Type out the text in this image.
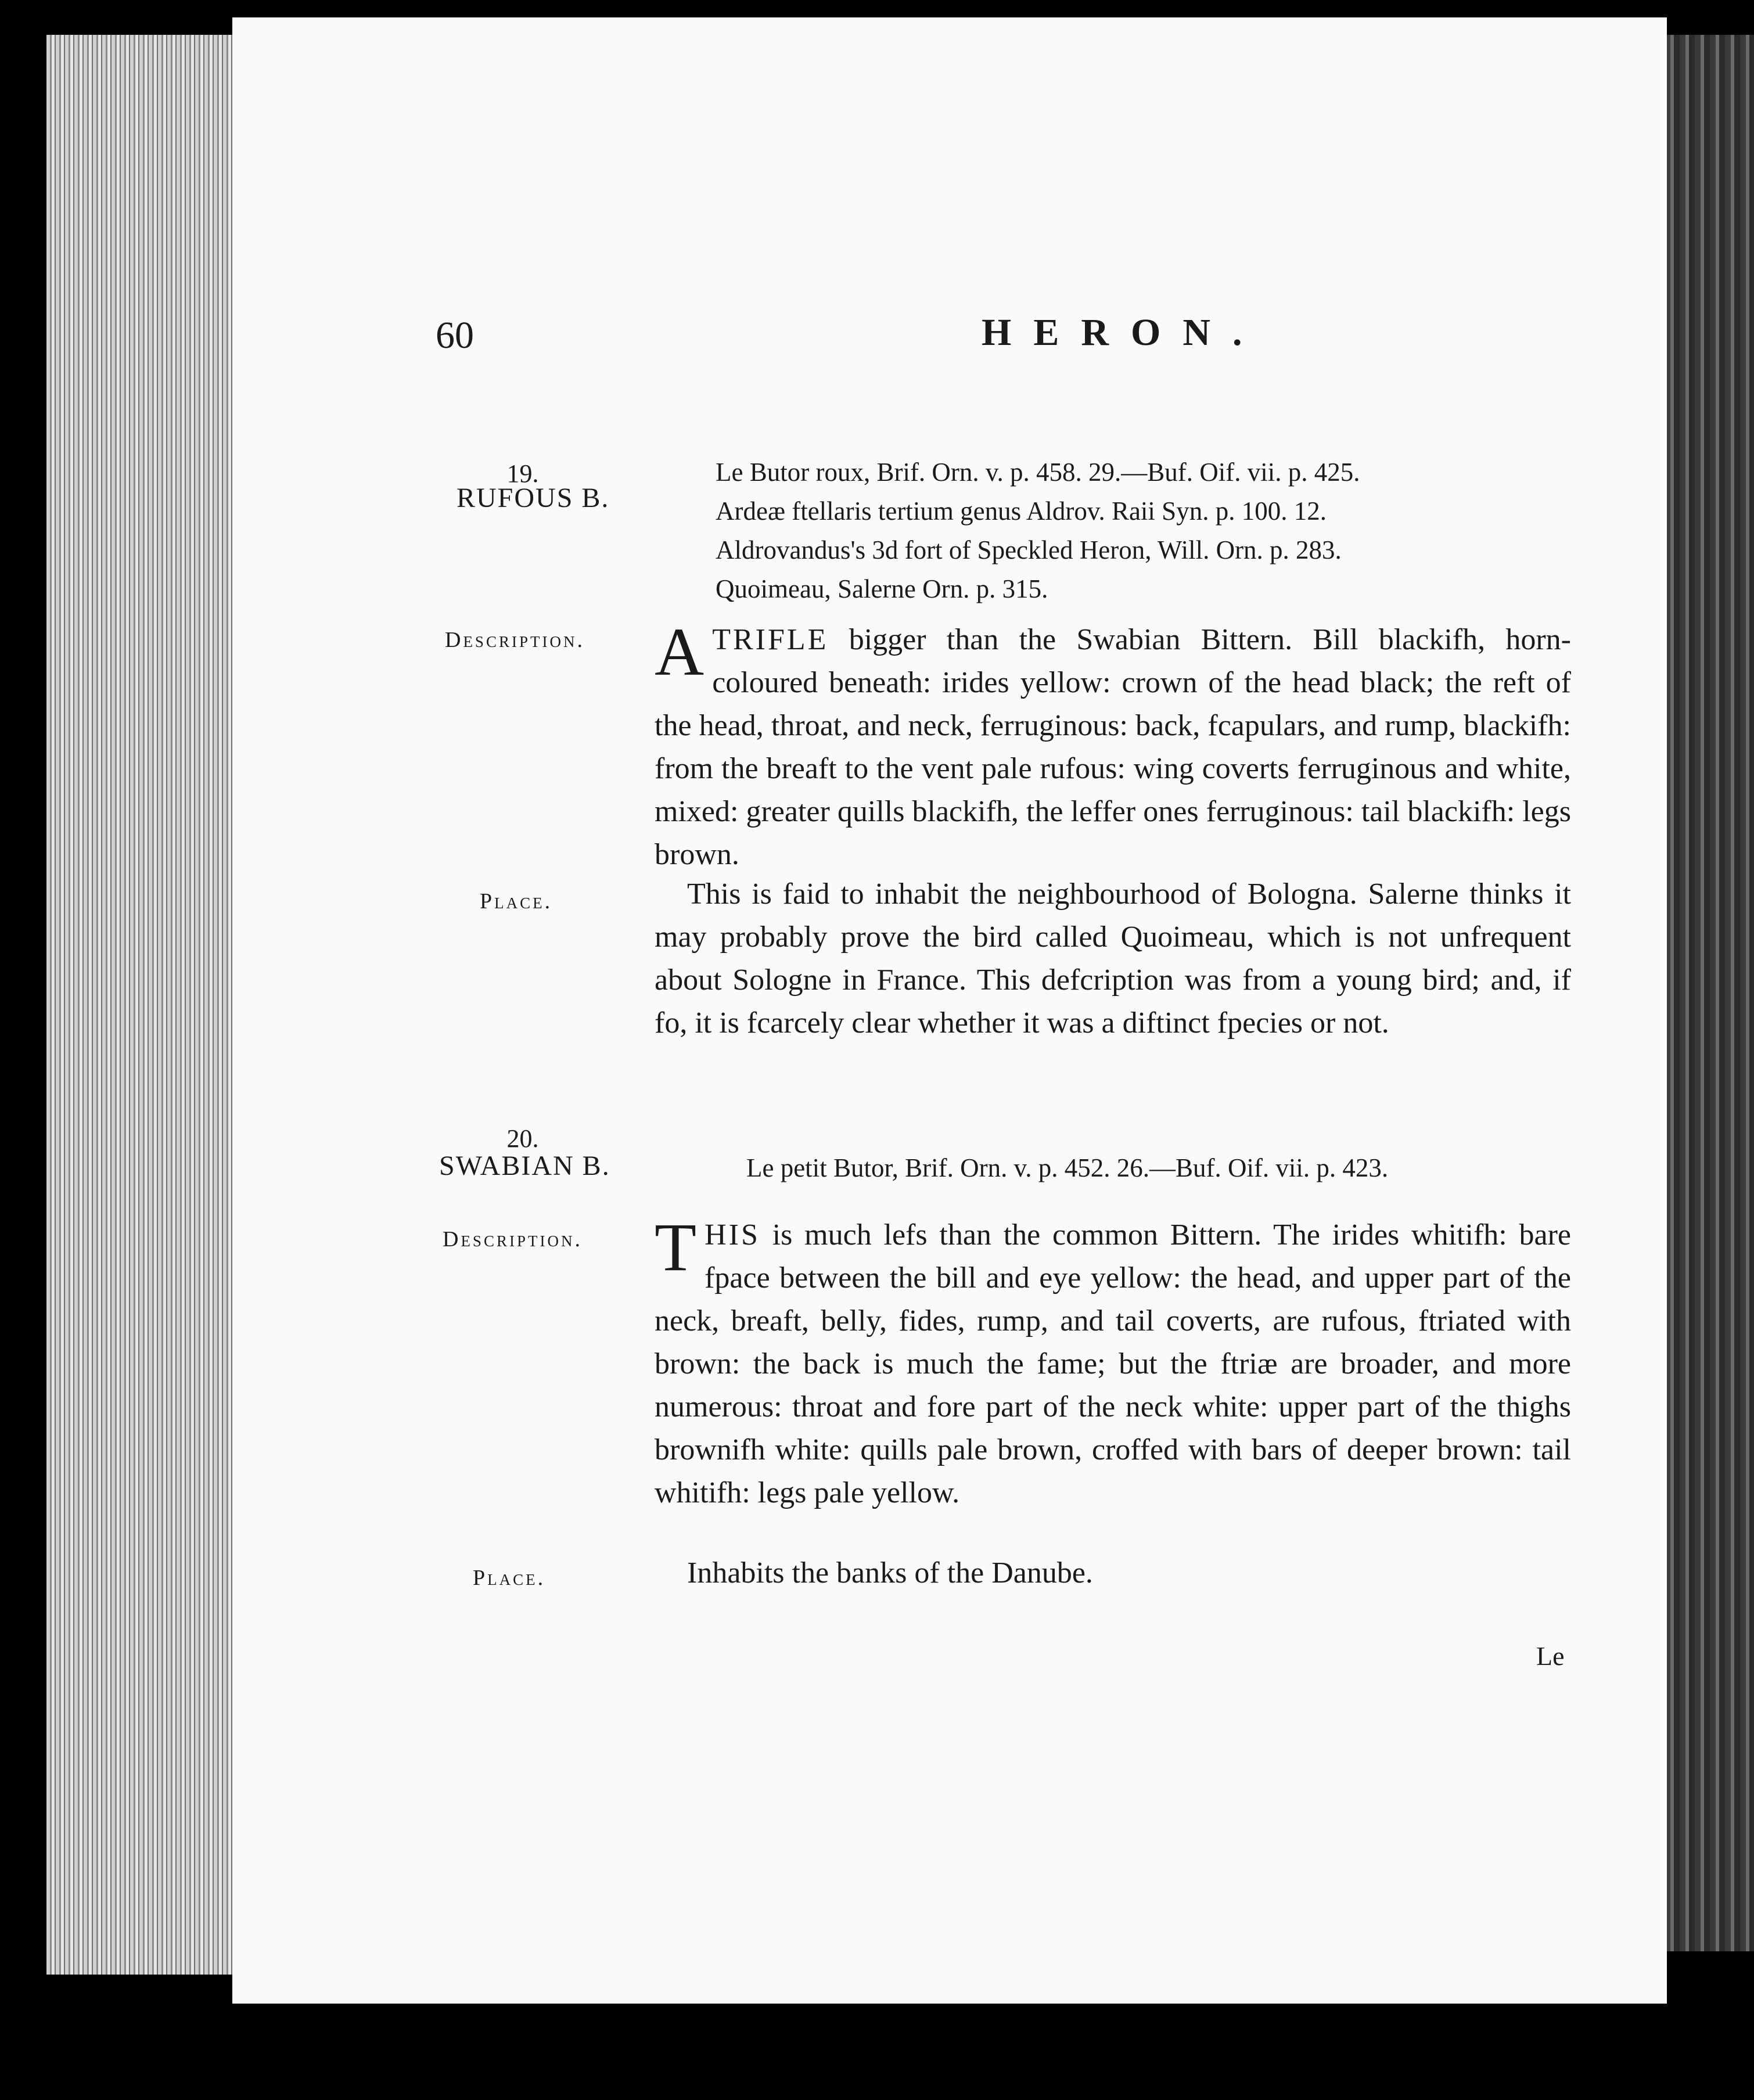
60	HERON.
19.
RUFOUS B.
Le Butor roux, Brif. Orn. v. p. 458. 29.—Buf. Oif. vii. p. 425.
Ardeæ ftellaris tertium genus Aldrov. Raii Syn. p. 100. 12.
Aldrovandus's 3d fort of Speckled Heron, Will. Orn. p. 283.
Quoimeau, Salerne Orn. p. 315.
Description. ATRIFLE bigger than the Swabian Bittern. Bill blackifh, horn-coloured beneath: irides yellow: crown of the head black; the reft of the head, throat, and neck, ferruginous: back, fcapulars, and rump, blackifh: from the breaft to the vent pale rufous: wing coverts ferruginous and white, mixed: greater quills blackifh, the leffer ones ferruginous: tail blackifh: legs brown.

Place.	This is faid to inhabit the neighbourhood of Bologna. Salerne thinks it may probably prove the bird called Quoimeau, which is not unfrequent about Sologne in France. This defcription was from a young bird; and, if fo, it is fcarcely clear whether it was a diftinct fpecies or not.

20.
SWABIAN B.	Le petit Butor, Brif. Orn. v. p. 452. 26.—Buf. Oif. vii. p. 423.
Description. THIS is much lefs than the common Bittern. The irides whitifh: bare fpace between the bill and eye yellow: the head, and upper part of the neck, breaft, belly, fides, rump, and tail coverts, are rufous, ftriated with brown: the back is much the fame; but the ftriæ are broader, and more numerous: throat and fore part of the neck white: upper part of the thighs brownifh white: quills pale brown, croffed with bars of deeper brown: tail whitifh: legs pale yellow.

Place.	Inhabits the banks of the Danube.

Le
